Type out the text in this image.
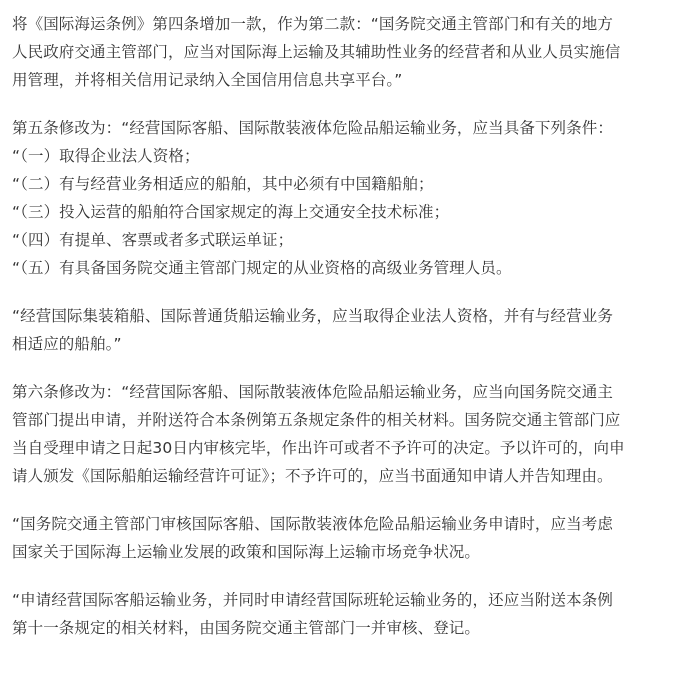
将《国际海运条例》第四条增加一款，作为第二款：“国务院交通主管部门和有关的地方
人民政府交通主管部门，应当对国际海上运输及其辅助性业务的经营者和从业人员实施信
用管理，并将相关信用记录纳入全国信用信息共享平台。”
第五条修改为：“经营国际客船、国际散装液体危险品船运输业务，应当具备下列条件：
“（一）取得企业法人资格；
“（二）有与经营业务相适应的船舶，其中必须有中国籍船舶；
“（三）投入运营的船舶符合国家规定的海上交通安全技术标准；
“（四）有提单、客票或者多式联运单证；
“（五）有具备国务院交通主管部门规定的从业资格的高级业务管理人员。
“经营国际集装箱船、国际普通货船运输业务，应当取得企业法人资格，并有与经营业务
相适应的船舶。”
第六条修改为：“经营国际客船、国际散装液体危险品船运输业务，应当向国务院交通主
管部门提出申请，并附送符合本条例第五条规定条件的相关材料。国务院交通主管部门应
当自受理申请之日起30日内审核完毕，作出许可或者不予许可的决定。予以许可的，向申
请人颁发《国际船舶运输经营许可证》；不予许可的，应当书面通知申请人并告知理由。
“国务院交通主管部门审核国际客船、国际散装液体危险品船运输业务申请时，应当考虑
国家关于国际海上运输业发展的政策和国际海上运输市场竞争状况。
“申请经营国际客船运输业务，并同时申请经营国际班轮运输业务的，还应当附送本条例
第十一条规定的相关材料，由国务院交通主管部门一并审核、登记。
